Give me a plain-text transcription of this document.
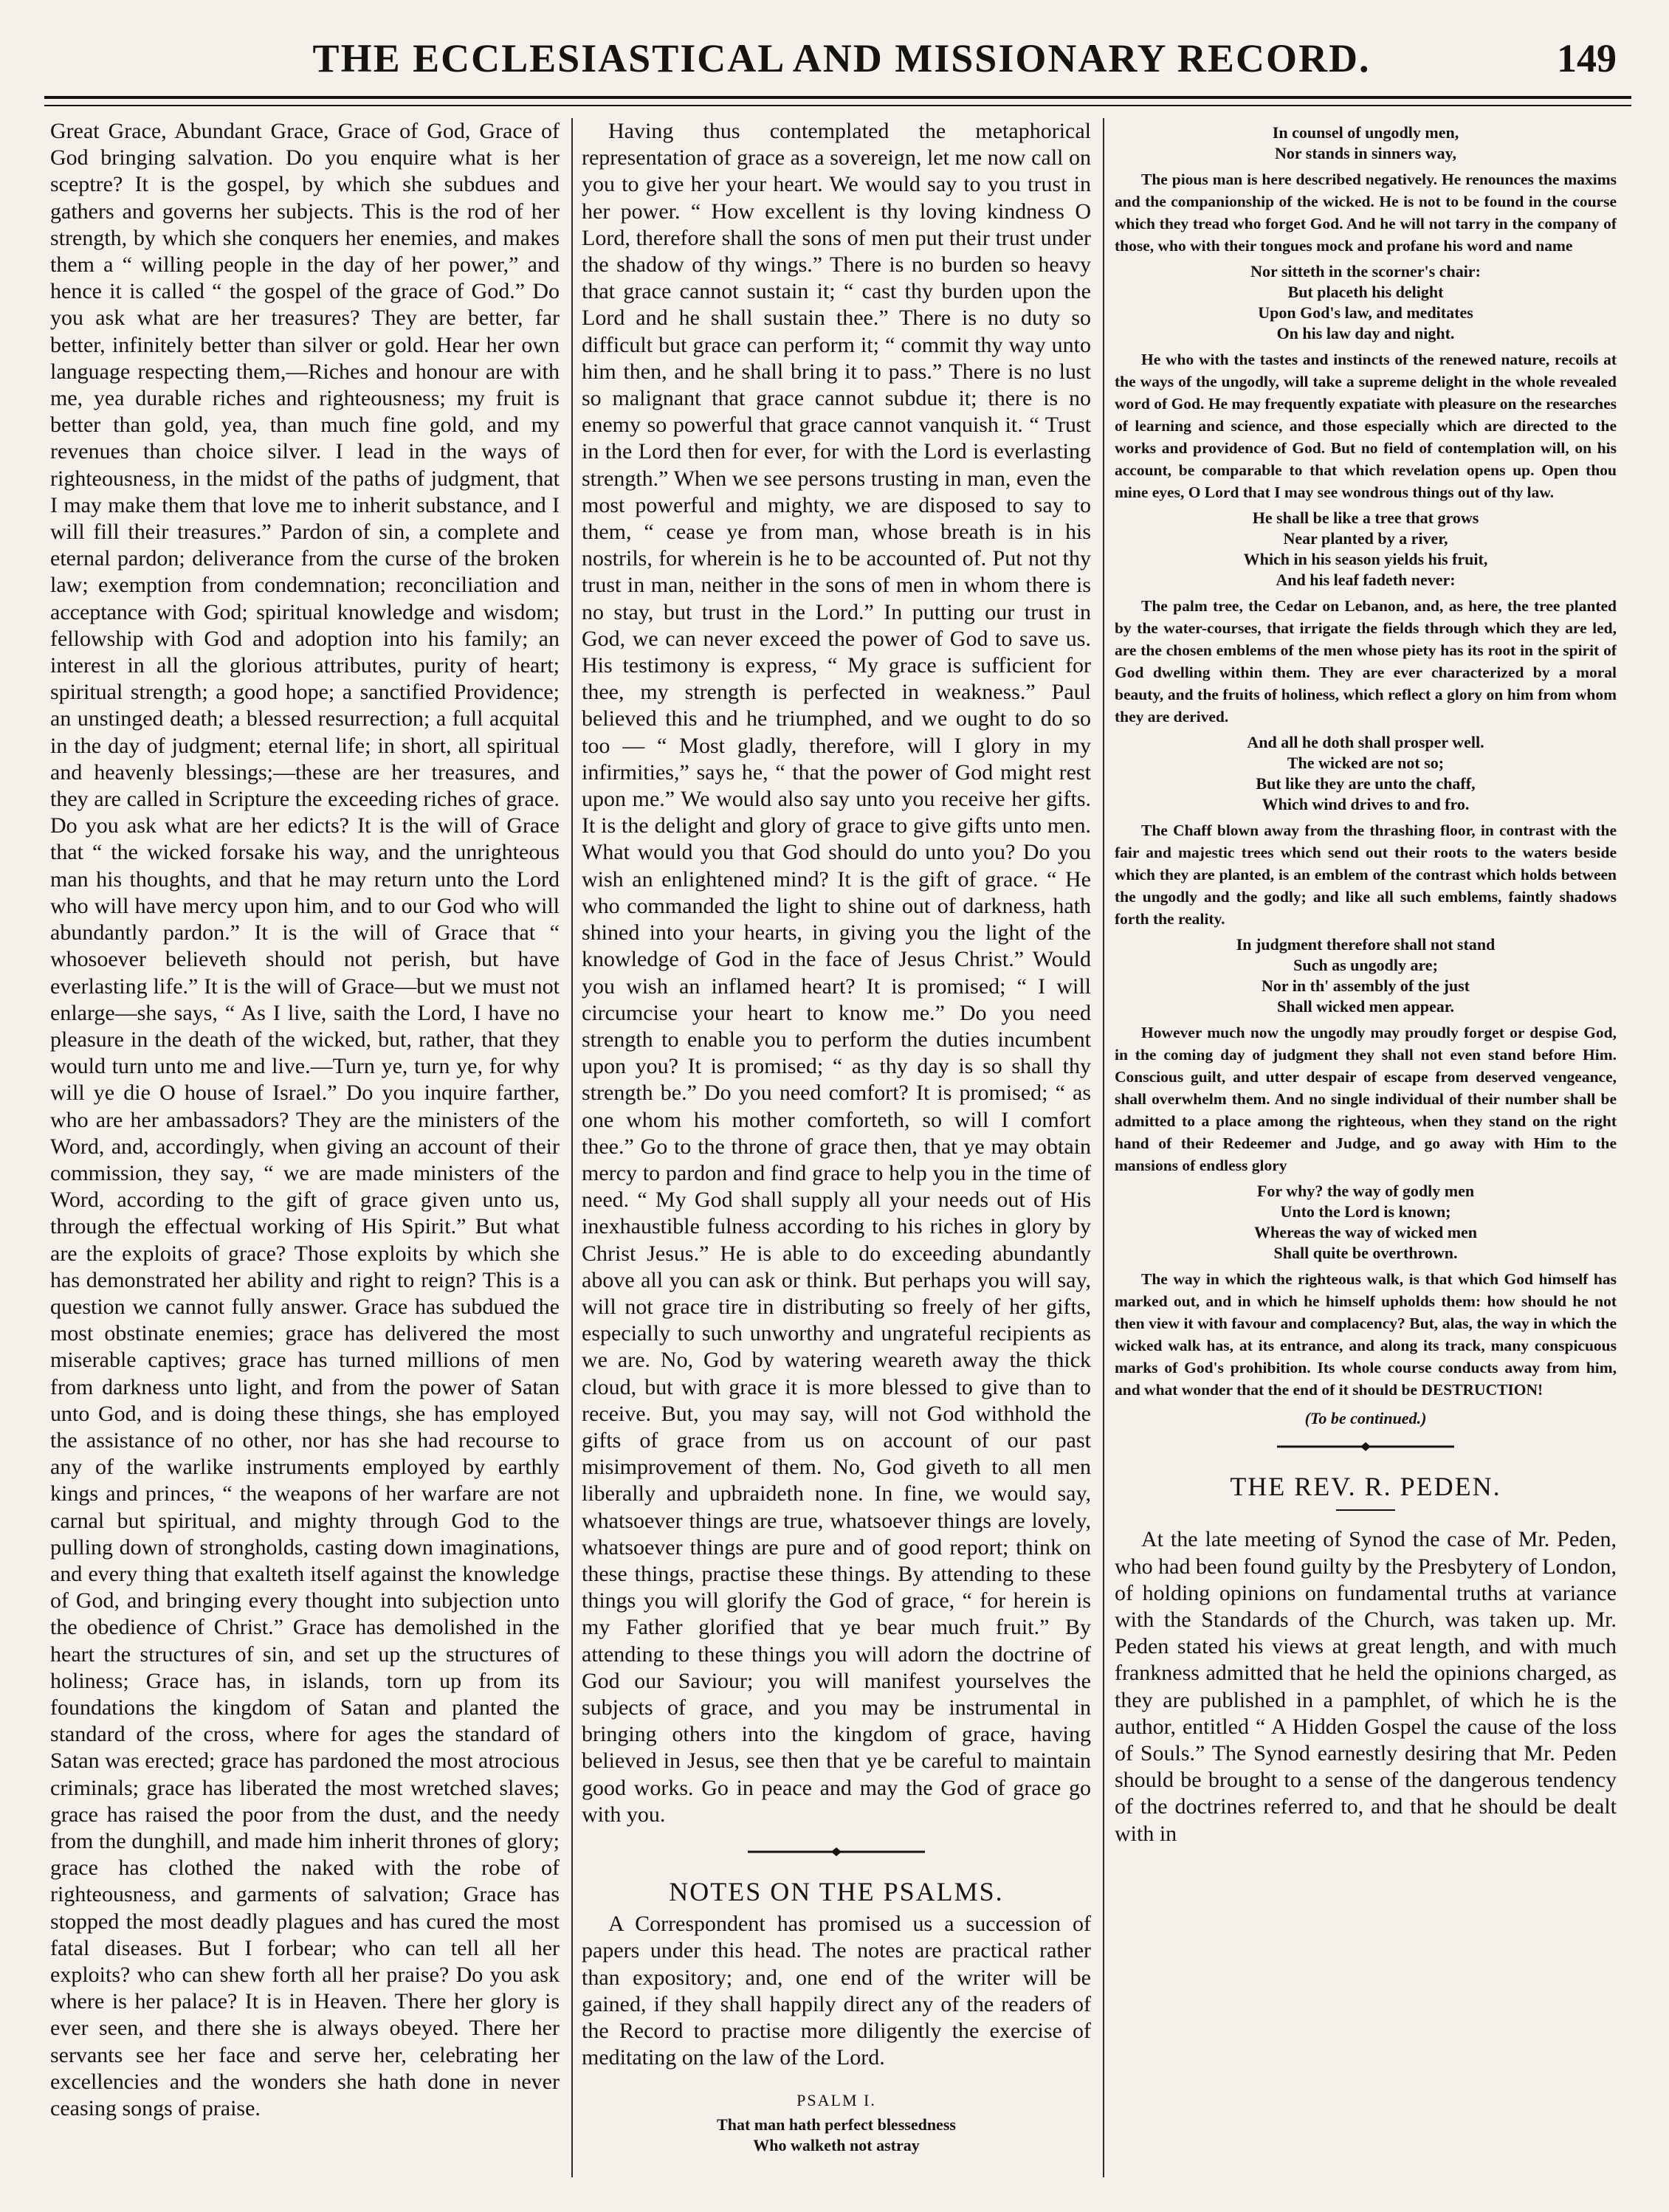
THE ECCLESIASTICAL AND MISSIONARY RECORD.	149

Great Grace, Abundant Grace, Grace of God, Grace of God bringing salvation. Do you enquire what is her sceptre? It is the gospel, by which she subdues and gathers and governs her subjects. This is the rod of her strength, by which she conquers her enemies, and makes them a “ willing people in the day of her power,” and hence it is called “ the gospel of the grace of God.” Do you ask what are her treasures? They are better, far better, infinitely better than silver or gold. Hear her own language respecting them,—Riches and honour are with me, yea durable riches and righteousness; my fruit is better than gold, yea, than much fine gold, and my revenues than choice silver. I lead in the ways of righteousness, in the midst of the paths of judgment, that I may make them that love me to inherit substance, and I will fill their treasures.” Pardon of sin, a complete and eternal pardon; deliverance from the curse of the broken law; exemption from condemnation; reconciliation and acceptance with God; spiritual knowledge and wisdom; fellowship with God and adoption into his family; an interest in all the glorious attributes, purity of heart; spiritual strength; a good hope; a sanctified Providence; an unstinged death; a blessed resurrection; a full acquital in the day of judgment; eternal life; in short, all spiritual and heavenly blessings;—these are her treasures, and they are called in Scripture the exceeding riches of grace. Do you ask what are her edicts? It is the will of Grace that “ the wicked forsake his way, and the unrighteous man his thoughts, and that he may return unto the Lord who will have mercy upon him, and to our God who will abundantly pardon.” It is the will of Grace that “ whosoever believeth should not perish, but have everlasting life.” It is the will of Grace—but we must not enlarge—she says, “ As I live, saith the Lord, I have no pleasure in the death of the wicked, but, rather, that they would turn unto me and live.—Turn ye, turn ye, for why will ye die O house of Israel.” Do you inquire farther, who are her ambassadors? They are the ministers of the Word, and, accordingly, when giving an account of their commission, they say, “ we are made ministers of the Word, according to the gift of grace given unto us, through the effectual working of His Spirit.” But what are the exploits of grace? Those exploits by which she has demonstrated her ability and right to reign? This is a question we cannot fully answer. Grace has subdued the most obstinate enemies; grace has delivered the most miserable captives; grace has turned millions of men from darkness unto light, and from the power of Satan unto God, and is doing these things, she has employed the assistance of no other, nor has she had recourse to any of the warlike instruments employed by earthly kings and princes, “ the weapons of her warfare are not carnal but spiritual, and mighty through God to the pulling down of strongholds, casting down imaginations, and every thing that exalteth itself against the knowledge of God, and bringing every thought into subjection unto the obedience of Christ.” Grace has demolished in the heart the structures of sin, and set up the structures of holiness; Grace has, in islands, torn up from its foundations the kingdom of Satan and planted the standard of the cross, where for ages the standard of Satan was erected; grace has pardoned the most atrocious criminals; grace has liberated the most wretched slaves; grace has raised the poor from the dust, and the needy from the dunghill, and made him inherit thrones of glory; grace has clothed the naked with the robe of righteousness, and garments of salvation; Grace has stopped the most deadly plagues and has cured the most fatal diseases. But I forbear; who can tell all her exploits? who can shew forth all her praise? Do you ask where is her palace? It is in Heaven. There her glory is ever seen, and there she is always obeyed. There her servants see her face and serve her, celebrating her excellencies and the wonders she hath done in never ceasing songs of praise.

Having thus contemplated the metaphorical representation of grace as a sovereign, let me now call on you to give her your heart. We would say to you trust in her power. “ How excellent is thy loving kindness O Lord, therefore shall the sons of men put their trust under the shadow of thy wings.” There is no burden so heavy that grace cannot sustain it; “ cast thy burden upon the Lord and he shall sustain thee.” There is no duty so difficult but grace can perform it; “ commit thy way unto him then, and he shall bring it to pass.” There is no lust so malignant that grace cannot subdue it; there is no enemy so powerful that grace cannot vanquish it. “ Trust in the Lord then for ever, for with the Lord is everlasting strength.” When we see persons trusting in man, even the most powerful and mighty, we are disposed to say to them, “ cease ye from man, whose breath is in his nostrils, for wherein is he to be accounted of. Put not thy trust in man, neither in the sons of men in whom there is no stay, but trust in the Lord.” In putting our trust in God, we can never exceed the power of God to save us. His testimony is express, “ My grace is sufficient for thee, my strength is perfected in weakness.” Paul believed this and he triumphed, and we ought to do so too — “ Most gladly, therefore, will I glory in my infirmities,” says he, “ that the power of God might rest upon me.” We would also say unto you receive her gifts. It is the delight and glory of grace to give gifts unto men. What would you that God should do unto you? Do you wish an enlightened mind? It is the gift of grace. “ He who commanded the light to shine out of darkness, hath shined into your hearts, in giving you the light of the knowledge of God in the face of Jesus Christ.” Would you wish an inflamed heart? It is promised; “ I will circumcise your heart to know me.” Do you need strength to enable you to perform the duties incumbent upon you? It is promised; “ as thy day is so shall thy strength be.” Do you need comfort? It is promised; “ as one whom his mother comforteth, so will I comfort thee.” Go to the throne of grace then, that ye may obtain mercy to pardon and find grace to help you in the time of need. “ My God shall supply all your needs out of His inexhaustible fulness according to his riches in glory by Christ Jesus.” He is able to do exceeding abundantly above all you can ask or think. But perhaps you will say, will not grace tire in distributing so freely of her gifts, especially to such unworthy and ungrateful recipients as we are. No, God by watering weareth away the thick cloud, but with grace it is more blessed to give than to receive. But, you may say, will not God withhold the gifts of grace from us on account of our past misimprovement of them. No, God giveth to all men liberally and upbraideth none. In fine, we would say, whatsoever things are true, whatsoever things are lovely, whatsoever things are pure and of good report; think on these things, practise these things. By attending to these things you will glorify the God of grace, “ for herein is my Father glorified that ye bear much fruit.” By attending to these things you will adorn the doctrine of God our Saviour; you will manifest yourselves the subjects of grace, and you may be instrumental in bringing others into the kingdom of grace, having believed in Jesus, see then that ye be careful to maintain good works. Go in peace and may the God of grace go with you.

NOTES ON THE PSALMS.

A Correspondent has promised us a succession of papers under this head. The notes are practical rather than expository; and, one end of the writer will be gained, if they shall happily direct any of the readers of the Record to practise more diligently the exercise of meditating on the law of the Lord.

PSALM I.
That man hath perfect blessedness
Who walketh not astray
In counsel of ungodly men,
Nor stands in sinners way,

The pious man is here described negatively. He renounces the maxims and the companionship of the wicked. He is not to be found in the course which they tread who forget God. And he will not tarry in the company of those, who with their tongues mock and profane his word and name

Nor sitteth in the scorner's chair:
But placeth his delight
Upon God's law, and meditates
On his law day and night.

He who with the tastes and instincts of the renewed nature, recoils at the ways of the ungodly, will take a supreme delight in the whole revealed word of God. He may frequently expatiate with pleasure on the researches of learning and science, and those especially which are directed to the works and providence of God. But no field of contemplation will, on his account, be comparable to that which revelation opens up. Open thou mine eyes, O Lord that I may see wondrous things out of thy law.

He shall be like a tree that grows
Near planted by a river,
Which in his season yields his fruit,
And his leaf fadeth never:

The palm tree, the Cedar on Lebanon, and, as here, the tree planted by the water-courses, that irrigate the fields through which they are led, are the chosen emblems of the men whose piety has its root in the spirit of God dwelling within them. They are ever characterized by a moral beauty, and the fruits of holiness, which reflect a glory on him from whom they are derived.

And all he doth shall prosper well.
The wicked are not so;
But like they are unto the chaff,
Which wind drives to and fro.

The Chaff blown away from the thrashing floor, in contrast with the fair and majestic trees which send out their roots to the waters beside which they are planted, is an emblem of the contrast which holds between the ungodly and the godly; and like all such emblems, faintly shadows forth the reality.

In judgment therefore shall not stand
Such as ungodly are;
Nor in th' assembly of the just
Shall wicked men appear.

However much now the ungodly may proudly forget or despise God, in the coming day of judgment they shall not even stand before Him. Conscious guilt, and utter despair of escape from deserved vengeance, shall overwhelm them. And no single individual of their number shall be admitted to a place among the righteous, when they stand on the right hand of their Redeemer and Judge, and go away with Him to the mansions of endless glory

For why? the way of godly men
Unto the Lord is known;
Whereas the way of wicked men
Shall quite be overthrown.

The way in which the righteous walk, is that which God himself has marked out, and in which he himself upholds them: how should he not then view it with favour and complacency? But, alas, the way in which the wicked walk has, at its entrance, and along its track, many conspicuous marks of God's prohibition. Its whole course conducts away from him, and what wonder that the end of it should be DESTRUCTION!

(To be continued.)
THE REV. R. PEDEN.

At the late meeting of Synod the case of Mr. Peden, who had been found guilty by the Presbytery of London, of holding opinions on fundamental truths at variance with the Standards of the Church, was taken up. Mr. Peden stated his views at great length, and with much frankness admitted that he held the opinions charged, as they are published in a pamphlet, of which he is the author, entitled “ A Hidden Gospel the cause of the loss of Souls.” The Synod earnestly desiring that Mr. Peden should be brought to a sense of the dangerous tendency of the doctrines referred to, and that he should be dealt with in
